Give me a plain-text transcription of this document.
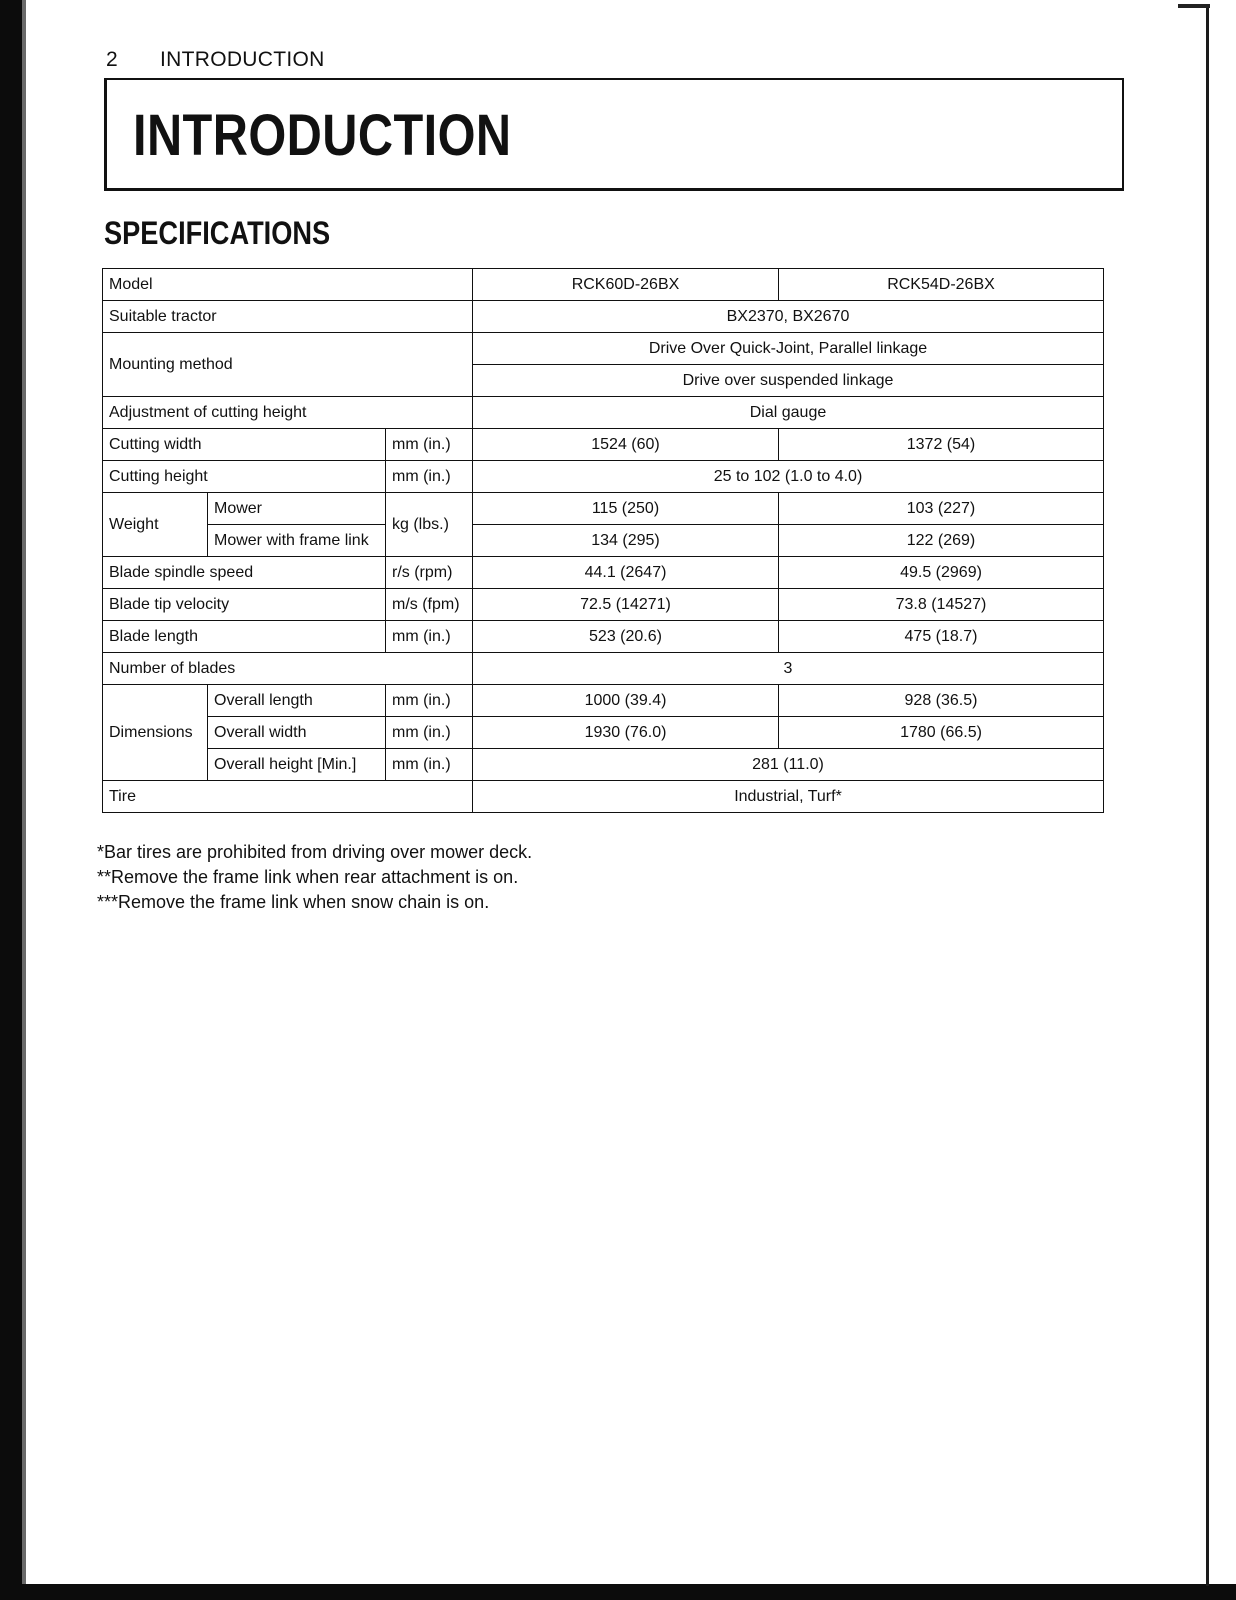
2 INTRODUCTION
INTRODUCTION
SPECIFICATIONS
Model			RCK60D-26BX	RCK54D-26BX
Suitable tractor			BX2370, BX2670	
Mounting method			Drive Over Quick-Joint, Parallel linkage	
			Drive over suspended linkage	
Adjustment of cutting height			Dial gauge	
Cutting width		mm (in.)	1524 (60)	1372 (54)
Cutting height		mm (in.)	25 to 102 (1.0 to 4.0)	
Weight	Mower	kg (lbs.)	115 (250)	103 (227)
	Mower with frame link		134 (295)	122 (269)
Blade spindle speed		r/s (rpm)	44.1 (2647)	49.5 (2969)
Blade tip velocity		m/s (fpm)	72.5 (14271)	73.8 (14527)
Blade length		mm (in.)	523 (20.6)	475 (18.7)
Number of blades			3	
Dimensions	Overall length	mm (in.)	1000 (39.4)	928 (36.5)
	Overall width	mm (in.)	1930 (76.0)	1780 (66.5)
	Overall height [Min.]	mm (in.)	281 (11.0)	
Tire			Industrial, Turf*	

*Bar tires are prohibited from driving over mower deck.

**Remove the frame link when rear attachment is on.

***Remove the frame link when snow chain is on.
